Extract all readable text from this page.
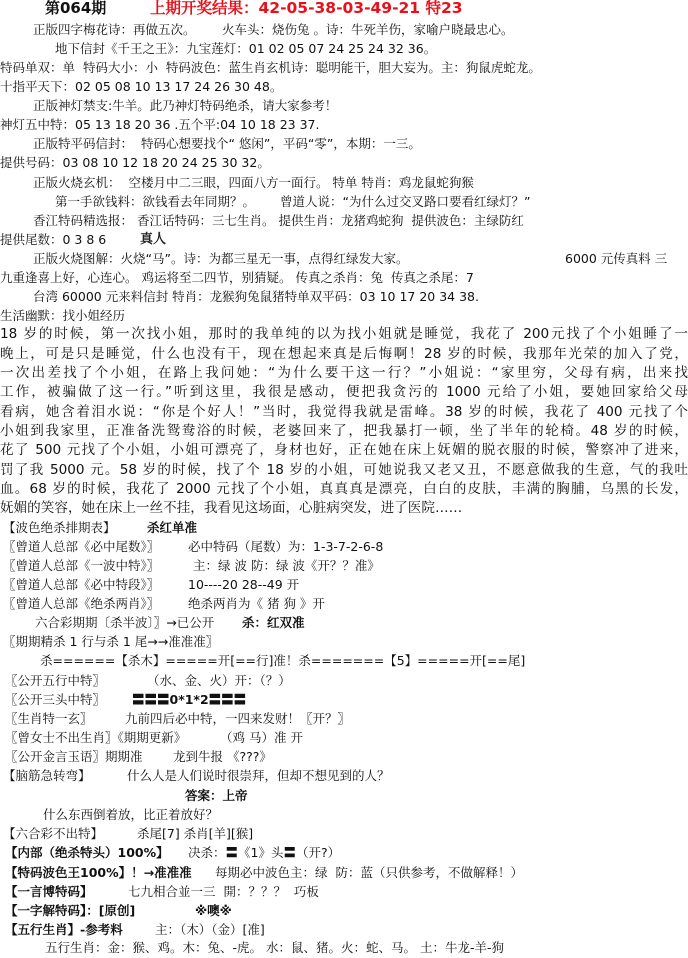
第064期	上期开奖结果：42-05-38-03-49-21 特23
正版四字梅花诗：再做五次。 火车头：烧伤兔 。诗：牛死羊伤，家喻户晓最忠心。
地下信封《千王之王》：九宝莲灯：01 02 05 07 24 25 24 32 36。
特码单双：单  特码大小：小  特码波色：蓝生肖玄机诗：聪明能干，胆大妄为。主：狗鼠虎蛇龙。
十指平天下：02 05 08 10 13 17 24 26 30 48。
正版神灯禁支:牛羊。此乃神灯特码绝杀，请大家参考！
神灯五中特：05 13 18 20 36 .五个平:04 10 18 23 37.
正版特平码信封：  特码心想要找个“ 悠闲”，平码“零”，本期：一三。
提供号码：03 08 10 12 18 20 24 25 30 32。
正版火烧玄机：  空楼月中二三眼，四面八方一面行。 特单 特肖：鸡龙鼠蛇狗猴
第一手欲钱料：欲钱看去年同期？。 曾道人说：“为什么过交叉路口要看红绿灯？”
香江特码精选报： 香江话特码：三七生肖。 提供生肖：龙猪鸡蛇狗  提供波色：主绿防红
提供尾数：0 3 8 6	真人
正版火烧图解：火烧“马”。诗：为都三星无一事，点得红绿发大家。	6000 元传真料 三
九重逢喜上好，心连心。 鸡运将至二四节，别猜疑。 传真之杀肖：兔  传真之杀尾：7
台湾 60000 元来料信封 特肖：龙猴狗兔鼠猪特单双平码：03 10 17 20 34 38.
生活幽默：找小姐经历
18 岁的时候，第一次找小姐，那时的我单纯的以为找小姐就是睡觉，我花了 200元找了个小姐睡了一
晚上，可是只是睡觉，什么也没有干，现在想起来真是后悔啊！28 岁的时候，我那年光荣的加入了党，
一次出差找了个小姐，在路上我问她：“为什么要干这一行？”小姐说：“家里穷，父母有病，出来找
工作，被骗做了这一行。”听到这里，我很是感动，便把我贪污的 1000 元给了小姐，要她回家给父母
看病，她含着泪水说：“你是个好人！”当时，我觉得我就是雷峰。38 岁的时候，我花了 400 元找了个
小姐到我家里，正准备洗鸳鸯浴的时候，老婆回来了，把我暴打一顿，坐了半年的轮椅。48 岁的时候，
花了 500 元找了个小姐，小姐可漂亮了，身材也好，正在她在床上妩媚的脱衣服的时候，警察冲了进来，
罚了我 5000 元。58 岁的时候，找了个 18 岁的小姐，可她说我又老又丑，不愿意做我的生意，气的我吐
血。68 岁的时候，我花了 2000 元找了个小姐，真真真是漂亮，白白的皮肤，丰满的胸脯，乌黑的长发，
妩媚的笑容，她在床上一丝不挂，我看见这场面，心脏病突发，进了医院……
【波色绝杀排期表】	杀红单准
〖曾道人总部《必中尾数》〗 必中特码（尾数）为：1-3-7-2-6-8
〖曾道人总部《一波中特》〗	主：绿 波 防：绿 波《开？？准》
〖曾道人总部《必中特段》〗 10----20 28--49 开
〖曾道人总部《绝杀两肖》〗 绝杀两肖为《 猪 狗 》开
六合彩期期〔杀半波〕〗→已公开 杀：红双准
〖期期精杀 1 行与杀 1 尾→→准准准〗
杀======【杀木】=====开[==行]准！杀=======【5】=====开[==尾]
〖公开五行中特〗	（水、金、火）开：（？）
〖公开三头中特〗 〓〓〓0*1*2〓〓〓
〖生肖特一玄〗	九前四后必中特，一四来发财！〖开？〗
〖曾女士不出生肖〗《期期更新》	（鸡 马）准 开
〖公开金言玉语〗期期准 龙到牛报 《???》
【脑筋急转弯】	什么人是人们说时很崇拜，但却不想见到的人？
答案：上帝
什么东西倒着放，比正着放好？
【六合彩不出特】	杀尾[7] 杀肖[羊][猴]
【内部（绝杀特头）100%】 决杀：〓《1》头〓（开?）
【特码波色王100%】！→准准准 每期必中波色主：绿  防：蓝（只供参考，不做解释！）
【一言博特码】	七九相合並一三  開：？？？  巧板
【一字解特码】：[原创]	※噢※
【五行生肖】-参考料	主：（木）（金）[准]
五行生肖：金：猴、鸡。木：兔、-虎。 水：鼠、猪。火：蛇、马。 土：牛龙-羊-狗
